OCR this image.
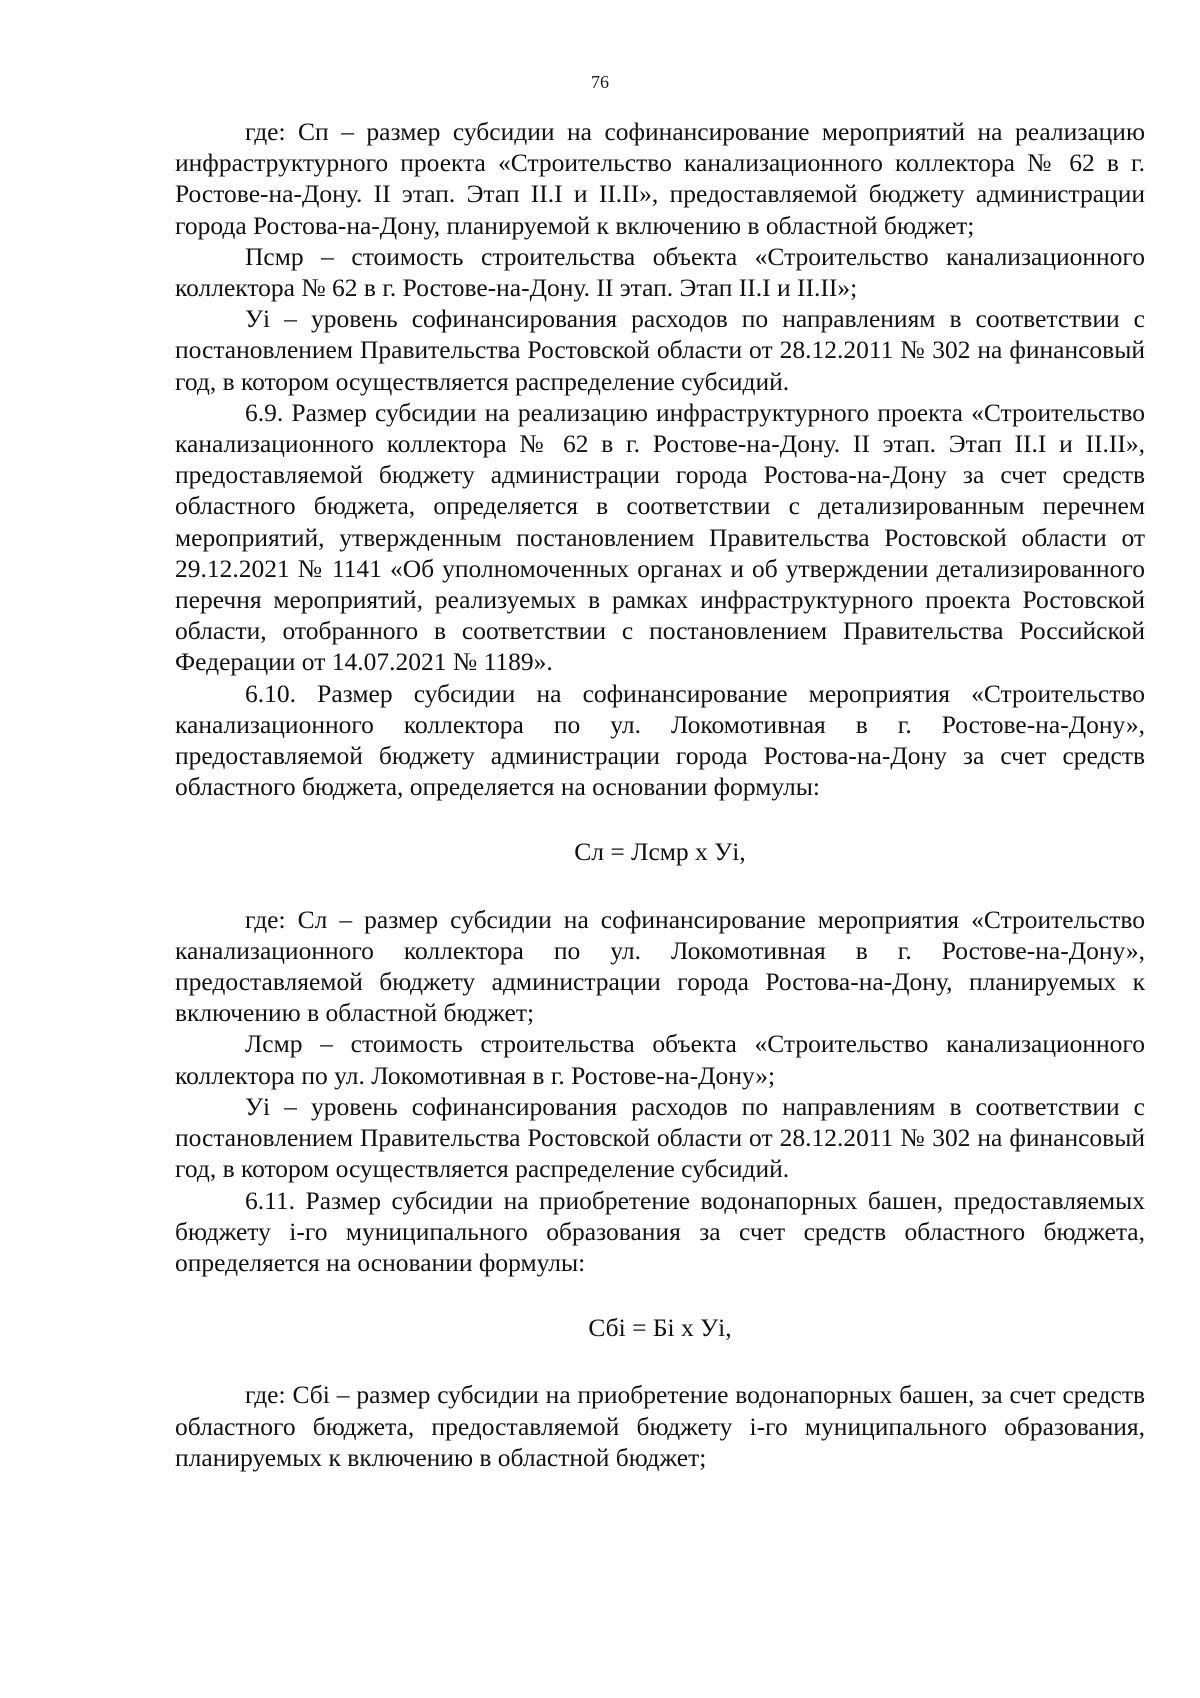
76

где: Сп – размер субсидии на софинансирование мероприятий на реализацию инфраструктурного проекта «Строительство канализационного коллектора № 62 в г. Ростове-на-Дону. II этап. Этап II.I и II.II», предоставляемой бюджету администрации города Ростова-на-Дону, планируемой к включению в областной бюджет;

Псмр – стоимость строительства объекта «Строительство канализационного коллектора № 62 в г. Ростове-на-Дону. II этап. Этап II.I и II.II»;

Уi – уровень софинансирования расходов по направлениям в соответствии с постановлением Правительства Ростовской области от 28.12.2011 № 302 на финансовый год, в котором осуществляется распределение субсидий.

6.9. Размер субсидии на реализацию инфраструктурного проекта «Строительство канализационного коллектора № 62 в г. Ростове-на-Дону. II этап. Этап II.I и II.II», предоставляемой бюджету администрации города Ростова-на-Дону за счет средств областного бюджета, определяется в соответствии с детализированным перечнем мероприятий, утвержденным постановлением Правительства Ростовской области от 29.12.2021 № 1141 «Об уполномоченных органах и об утверждении детализированного перечня мероприятий, реализуемых в рамках инфраструктурного проекта Ростовской области, отобранного в соответствии с постановлением Правительства Российской Федерации от 14.07.2021 № 1189».

6.10. Размер субсидии на софинансирование мероприятия «Строительство канализационного коллектора по ул. Локомотивная в г. Ростове-на-Дону», предоставляемой бюджету администрации города Ростова-на-Дону за счет средств областного бюджета, определяется на основании формулы:

Сл = Лсмр х Уi,

где: Сл – размер субсидии на софинансирование мероприятия «Строительство канализационного коллектора по ул. Локомотивная в г. Ростове-на-Дону», предоставляемой бюджету администрации города Ростова-на-Дону, планируемых к включению в областной бюджет;

Лсмр – стоимость строительства объекта «Строительство канализационного коллектора по ул. Локомотивная в г. Ростове-на-Дону»;

Уi – уровень софинансирования расходов по направлениям в соответствии с постановлением Правительства Ростовской области от 28.12.2011 № 302 на финансовый год, в котором осуществляется распределение субсидий.

6.11. Размер субсидии на приобретение водонапорных башен, предоставляемых бюджету i-го муниципального образования за счет средств областного бюджета, определяется на основании формулы:

Сбi = Бi х Уi,

где: Сбi – размер субсидии на приобретение водонапорных башен, за счет средств областного бюджета, предоставляемой бюджету i-го муниципального образования, планируемых к включению в областной бюджет;
